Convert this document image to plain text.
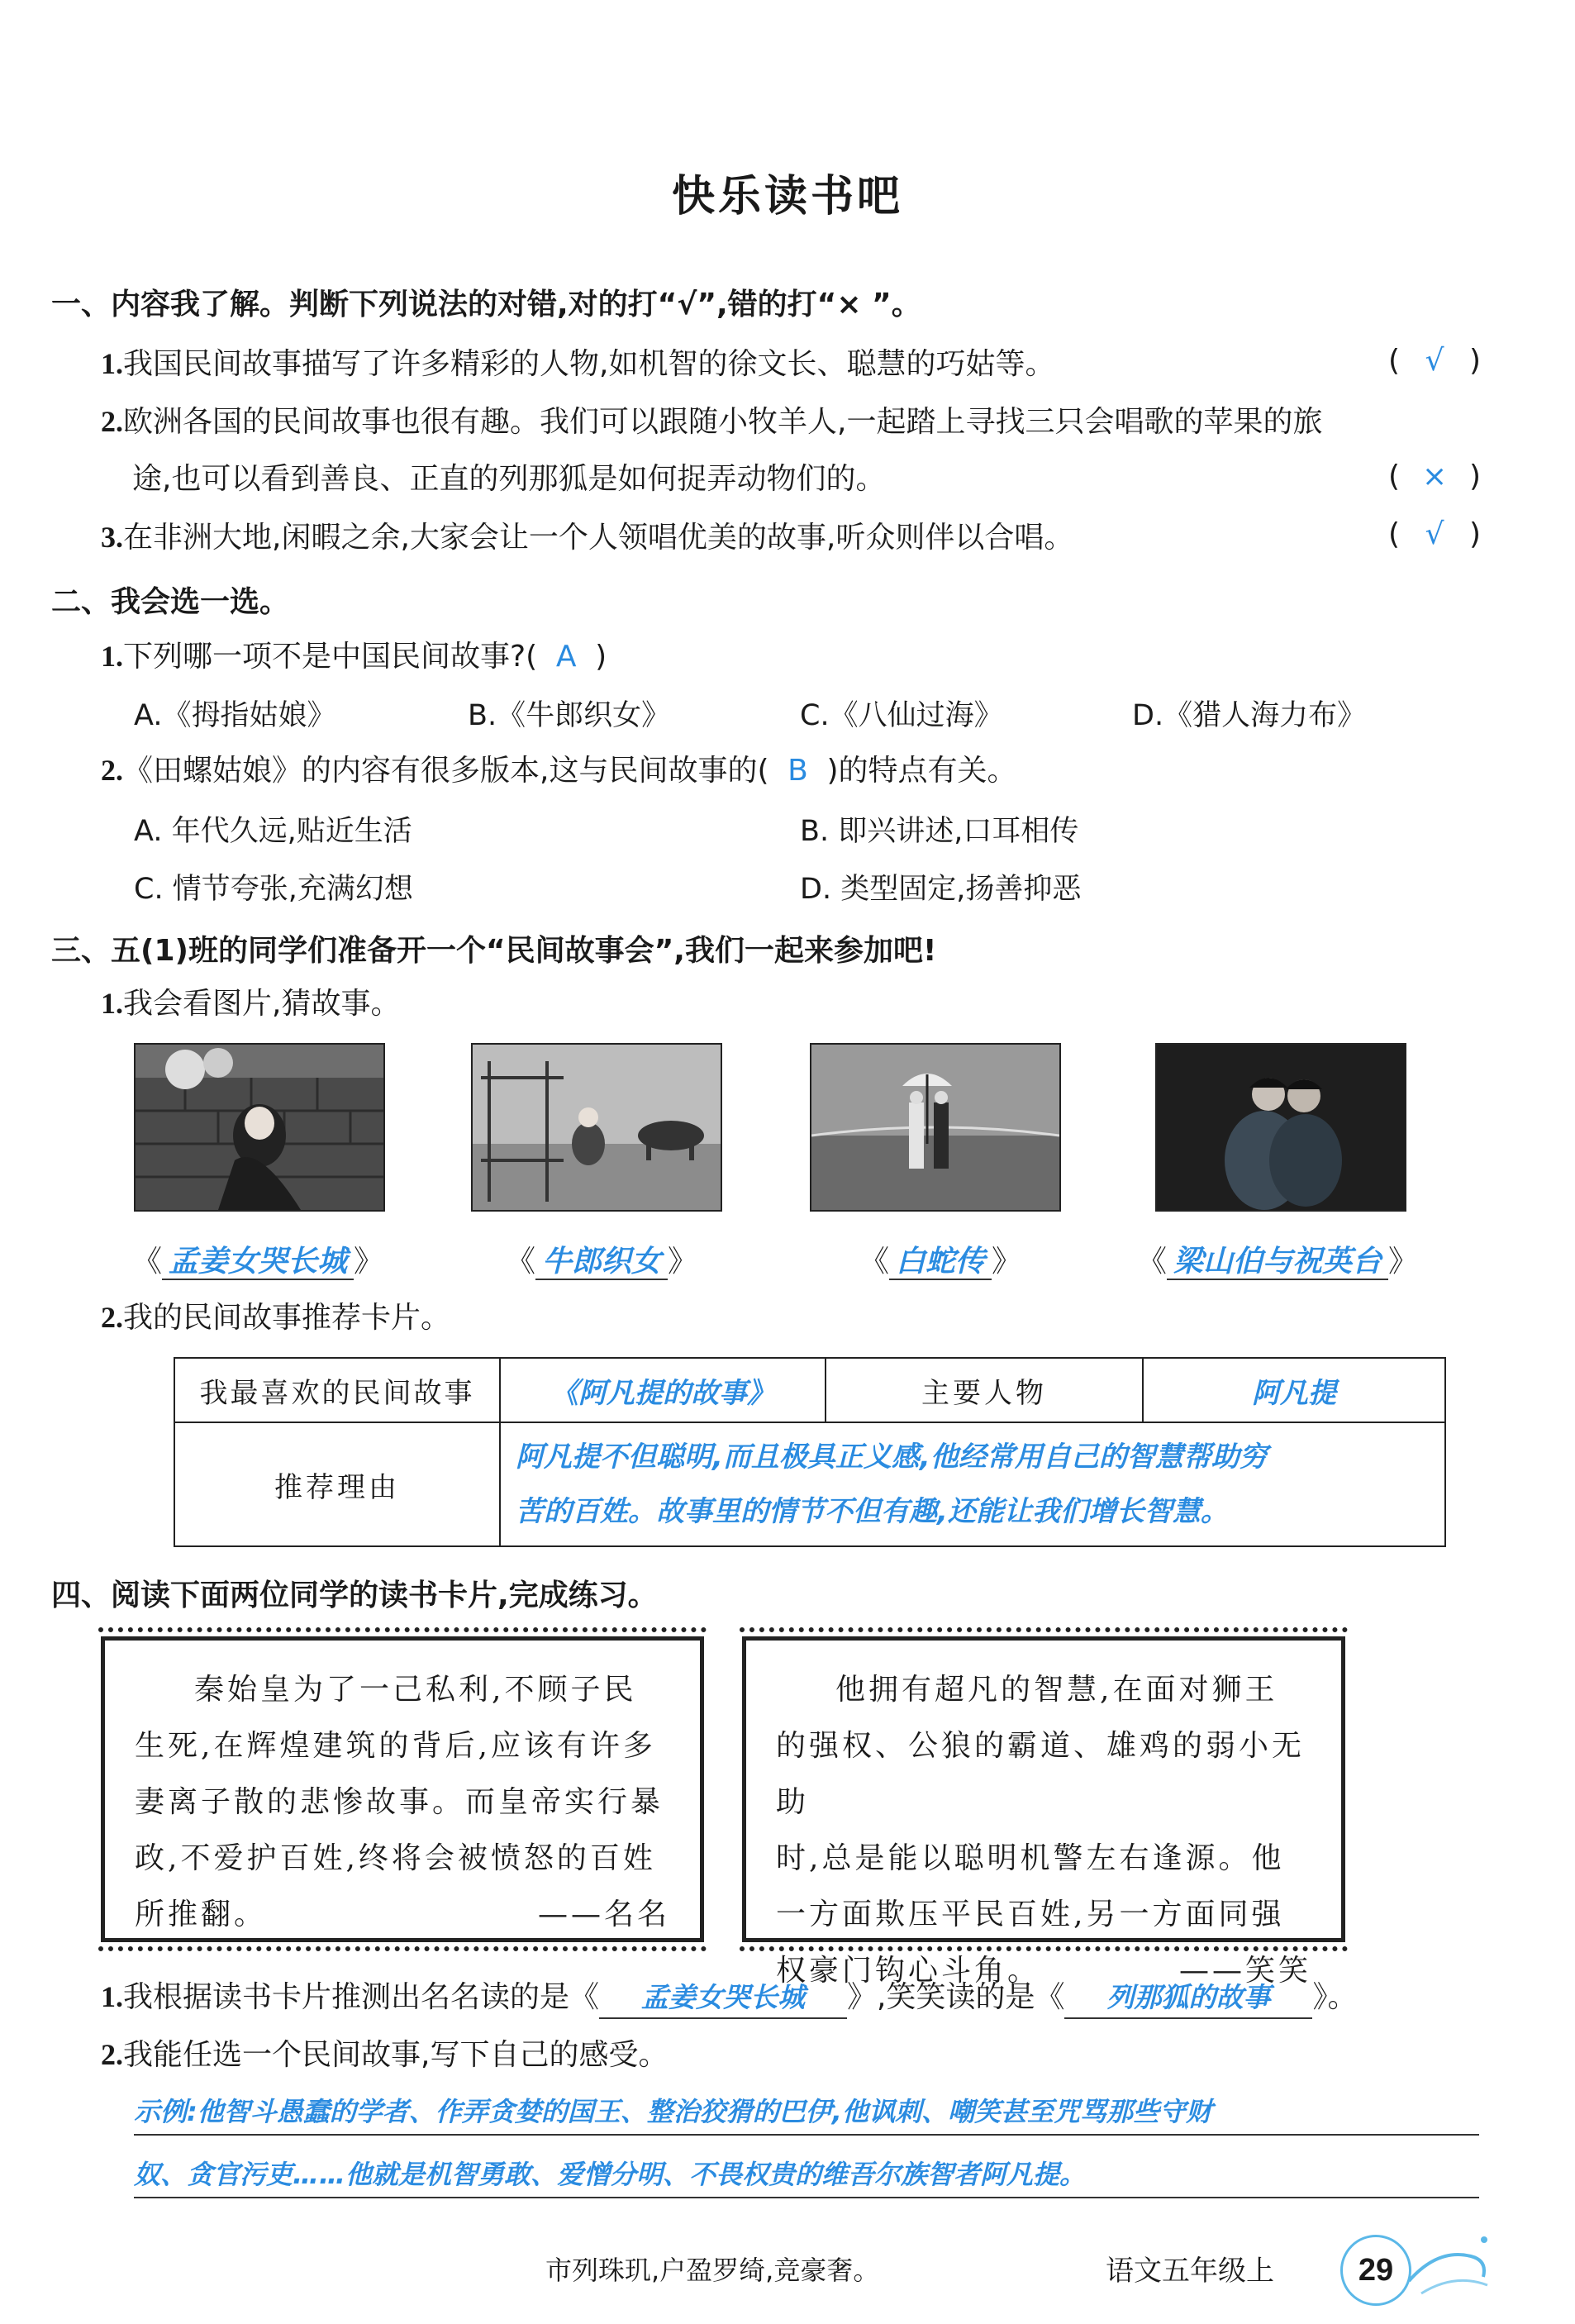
快乐读书吧
一、内容我了解。判断下列说法的对错,对的打“√”,错的打“× ”。
1.我国民间故事描写了许多精彩的人物,如机智的徐文长、聪慧的巧姑等。	( √ )
2.欧洲各国的民间故事也很有趣。我们可以跟随小牧羊人,一起踏上寻找三只会唱歌的苹果的旅
途,也可以看到善良、正直的列那狐是如何捉弄动物们的。	( × )
3.在非洲大地,闲暇之余,大家会让一个人领唱优美的故事,听众则伴以合唱。	( √ )
二、我会选一选。
1.下列哪一项不是中国民间故事?( A )
A.《拇指姑娘》	B.《牛郎织女》	C.《八仙过海》	D.《猎人海力布》
2.《田螺姑娘》的内容有很多版本,这与民间故事的( B )的特点有关。
A. 年代久远,贴近生活	B. 即兴讲述,口耳相传
C. 情节夸张,充满幻想	D. 类型固定,扬善抑恶
三、五(1)班的同学们准备开一个“民间故事会”,我们一起来参加吧!
1.我会看图片,猜故事。
《 孟姜女哭长城 》	《 牛郎织女 》	《 白蛇传 》	《 梁山伯与祝英台 》
2.我的民间故事推荐卡片。
我最喜欢的民间故事	《阿凡提的故事》	主要人物	阿凡提
推荐理由	阿凡提不但聪明,而且极具正义感,他经常用自己的智慧帮助穷
苦的百姓。故事里的情节不但有趣,还能让我们增长智慧。		
四、阅读下面两位同学的读书卡片,完成练习。
秦始皇为了一己私利,不顾子民
生死,在辉煌建筑的背后,应该有许多
妻离子散的悲惨故事。而皇帝实行暴
政,不爱护百姓,终将会被愤怒的百姓
所推翻。	——名名
他拥有超凡的智慧,在面对狮王
的强权、公狼的霸道、雄鸡的弱小无助
时,总是能以聪明机警左右逢源。他
一方面欺压平民百姓,另一方面同强
权豪门钩心斗角。	——笑笑
1.我根据读书卡片推测出名名读的是《 孟姜女哭长城 》,笑笑读的是《 列那狐的故事 》。
2.我能任选一个民间故事,写下自己的感受。
示例:他智斗愚蠢的学者、作弄贪婪的国王、整治狡猾的巴伊,他讽刺、嘲笑甚至咒骂那些守财
奴、贪官污吏……他就是机智勇敢、爱憎分明、不畏权贵的维吾尔族智者阿凡提。
市列珠玑,户盈罗绮,竞豪奢。	语文五年级上	29
